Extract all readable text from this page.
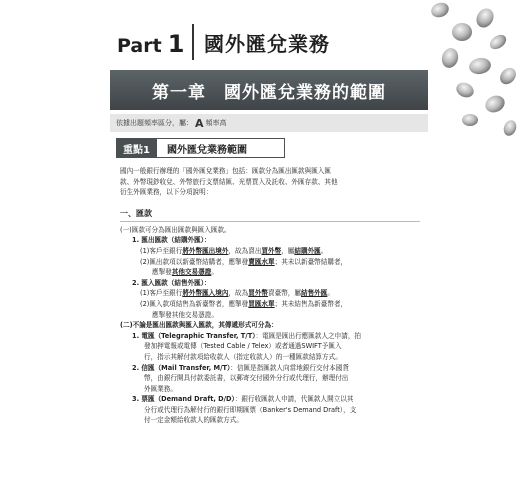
Part 1 國外匯兌業務
第一章　國外匯兌業務的範圍
依據出題頻率區分，屬： A 頻率高
重點1	國外匯兌業務範圍

國內一般銀行辦理的「國外匯兌業務」包括：匯款分為匯出匯款與匯入匯

款、外幣現鈔收兌、外幣旅行支票結匯、光票買入及託收、外匯存款、其他

衍生外匯業務，以下分項說明：

一、匯款

(一)匯款可分為匯出匯款與匯入匯款。

1. 匯出匯款（結購外匯）：

(1)客戶至銀行將外幣匯出境外，故為賣出買外幣，屬結購外匯。

(2)匯出款項以新臺幣結購者，應掣發賣匯水單；其未以新臺幣結購者，

應掣發其他交易憑證。

2. 匯入匯款（結售外匯）：

(1)客戶至銀行將外幣匯入境內，故為買外幣賣臺幣，屬結售外匯。

(2)匯入款項結售為新臺幣者，應掣發買匯水單；其未結售為新臺幣者，

應掣發其他交易憑證。

(二)不論是匯出匯款與匯入匯款，其傳遞形式可分為：

1. 電匯（Telegraphic Transfer, T/T）：電匯是匯出行應匯款人之申請，拍

發加押電報或電傳（Tested Cable / Telex）或者通過SWIFT予匯入

行，指示其解付款項給收款人（指定收款人）的一種匯款結算方式。

2. 信匯（Mail Transfer, M/T）：信匯是指匯款人向當地銀行交付本國貨

幣，由銀行開具付款委託書，以郵寄交付國外分行或代理行，辦理付出

外匯業務。

3. 票匯（Demand Draft, D/D）：銀行收匯款人申請，代匯款人開立以其

分行或代理行為解付行的銀行即期匯票（Banker's Demand Draft），支

付一定金額給收款人的匯款方式。
